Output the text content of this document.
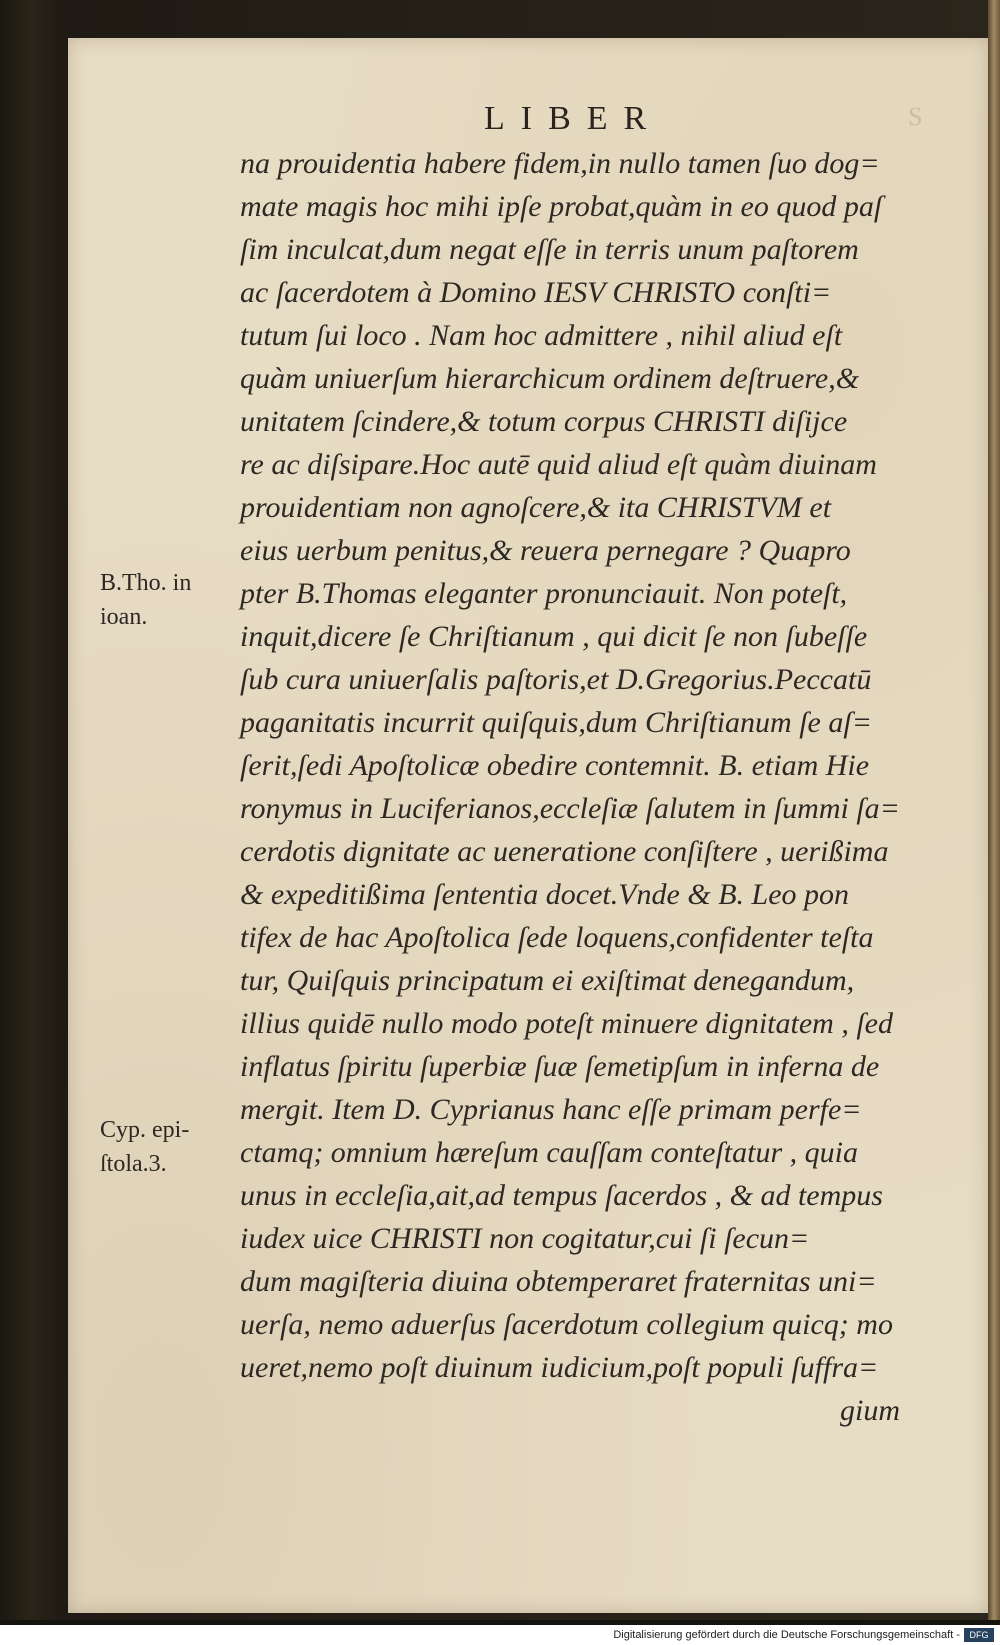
LIBER	S
na prouidentia habere fidem,in nullo tamen ſuo dog=
mate magis hoc mihi ipſe probat,quàm in eo quod paſ
ſim inculcat,dum negat eſſe in terris unum paſtorem
ac ſacerdotem à Domino IESV CHRISTO conſti=
tutum ſui loco . Nam hoc admittere , nihil aliud eſt
quàm uniuerſum hierarchicum ordinem deſtruere,&
unitatem ſcindere,& totum corpus CHRISTI diſijce
re ac diſsipare.Hoc autē quid aliud eſt quàm diuinam
prouidentiam non agnoſcere,& ita CHRISTVM et
eius uerbum penitus,& reuera pernegare ? Quapro
pter B.Thomas eleganter pronunciauit. Non poteſt,
inquit,dicere ſe Chriſtianum , qui dicit ſe non ſubeſſe
ſub cura uniuerſalis paſtoris,et D.Gregorius.Peccatū
paganitatis incurrit quiſquis,dum Chriſtianum ſe aſ=
ſerit,ſedi Apoſtolicæ obedire contemnit. B. etiam Hie
ronymus in Luciferianos,eccleſiæ ſalutem in ſummi ſa=
cerdotis dignitate ac ueneratione conſiſtere , uerißima
& expeditißima ſententia docet.Vnde & B. Leo pon
tifex de hac Apoſtolica ſede loquens,confidenter teſta
tur, Quiſquis principatum ei exiſtimat denegandum,
illius quidē nullo modo poteſt minuere dignitatem , ſed
inflatus ſpiritu ſuperbiæ ſuæ ſemetipſum in inferna de
mergit. Item D. Cyprianus hanc eſſe primam perfe=
ctamq; omnium hæreſum cauſſam conteſtatur , quia
unus in eccleſia,ait,ad tempus ſacerdos , & ad tempus
iudex uice CHRISTI non cogitatur,cui ſi ſecun=
dum magiſteria diuina obtemperaret fraternitas uni=
uerſa, nemo aduerſus ſacerdotum collegium quicq; mo
ueret,nemo poſt diuinum iudicium,poſt populi ſuffra=
gium
B.Tho. in
ioan.
Cyp. epi-
ſtola.3.
Digitalisierung gefördert durch die Deutsche Forschungsgemeinschaft -	DFG
